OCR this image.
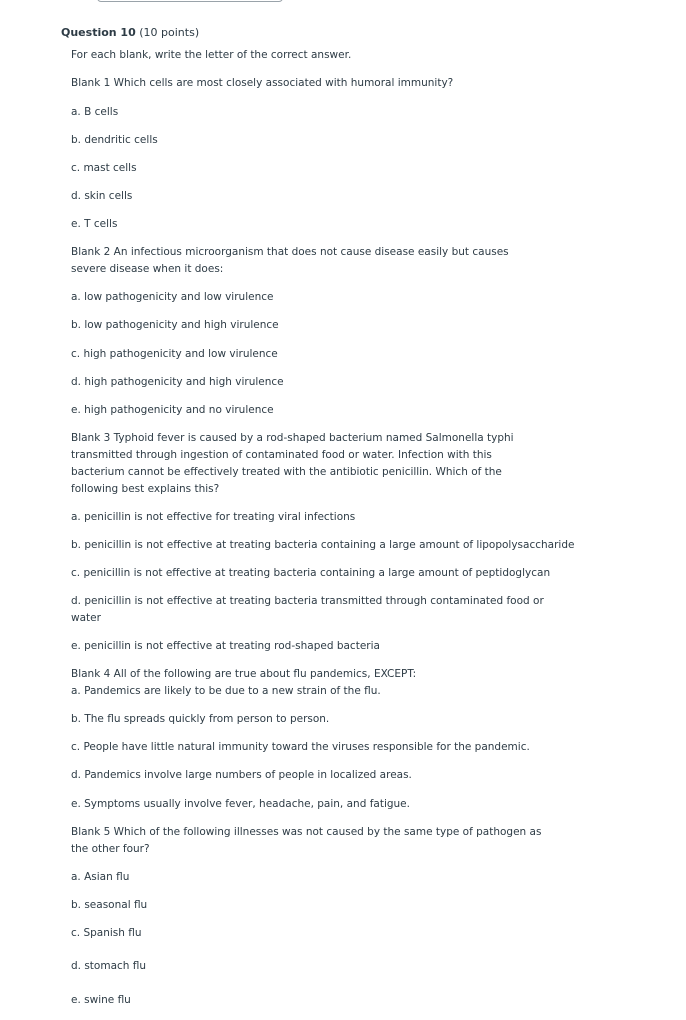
Question 10 (10 points)
For each blank, write the letter of the correct answer.
Blank 1 Which cells are most closely associated with humoral immunity?
a. B cells
b. dendritic cells
c. mast cells
d. skin cells
e. T cells
Blank 2 An infectious microorganism that does not cause disease easily but causes severe disease when it does:
a. low pathogenicity and low virulence
b. low pathogenicity and high virulence
c. high pathogenicity and low virulence
d. high pathogenicity and high virulence
e. high pathogenicity and no virulence
Blank 3 Typhoid fever is caused by a rod-shaped bacterium named Salmonella typhi transmitted through ingestion of contaminated food or water. Infection with this bacterium cannot be effectively treated with the antibiotic penicillin. Which of the following best explains this?
a. penicillin is not effective for treating viral infections
b. penicillin is not effective at treating bacteria containing a large amount of lipopolysaccharide
c. penicillin is not effective at treating bacteria containing a large amount of peptidoglycan
d. penicillin is not effective at treating bacteria transmitted through contaminated food or water
e. penicillin is not effective at treating rod-shaped bacteria
Blank 4 All of the following are true about flu pandemics, EXCEPT:
a. Pandemics are likely to be due to a new strain of the flu.
b. The flu spreads quickly from person to person.
c. People have little natural immunity toward the viruses responsible for the pandemic.
d. Pandemics involve large numbers of people in localized areas.
e. Symptoms usually involve fever, headache, pain, and fatigue.
Blank 5 Which of the following illnesses was not caused by the same type of pathogen as the other four?
a. Asian flu
b. seasonal flu
c. Spanish flu
d. stomach flu
e. swine flu
